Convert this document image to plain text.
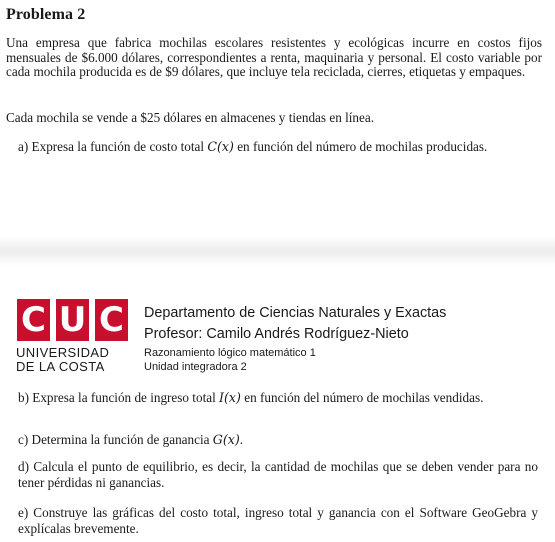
Problema 2

Una empresa que fabrica mochilas escolares resistentes y ecológicas incurre en costos fijos mensuales de $6.000 dólares, correspondientes a renta, maquinaria y personal. El costo variable por cada mochila producida es de $9 dólares, que incluye tela reciclada, cierres, etiquetas y empaques.

Cada mochila se vende a $25 dólares en almacenes y tiendas en línea.

a) Expresa la función de costo total C(x) en función del número de mochilas producidas.

C U C
UNIVERSIDAD
DE LA COSTA
Departamento de Ciencias Naturales y Exactas
Profesor: Camilo Andrés Rodríguez-Nieto
Razonamiento lógico matemático 1
Unidad integradora 2

b) Expresa la función de ingreso total I(x) en función del número de mochilas vendidas.

c) Determina la función de ganancia G(x).

d) Calcula el punto de equilibrio, es decir, la cantidad de mochilas que se deben vender para no tener pérdidas ni ganancias.

e) Construye las gráficas del costo total, ingreso total y ganancia con el Software GeoGebra y explícalas brevemente.
